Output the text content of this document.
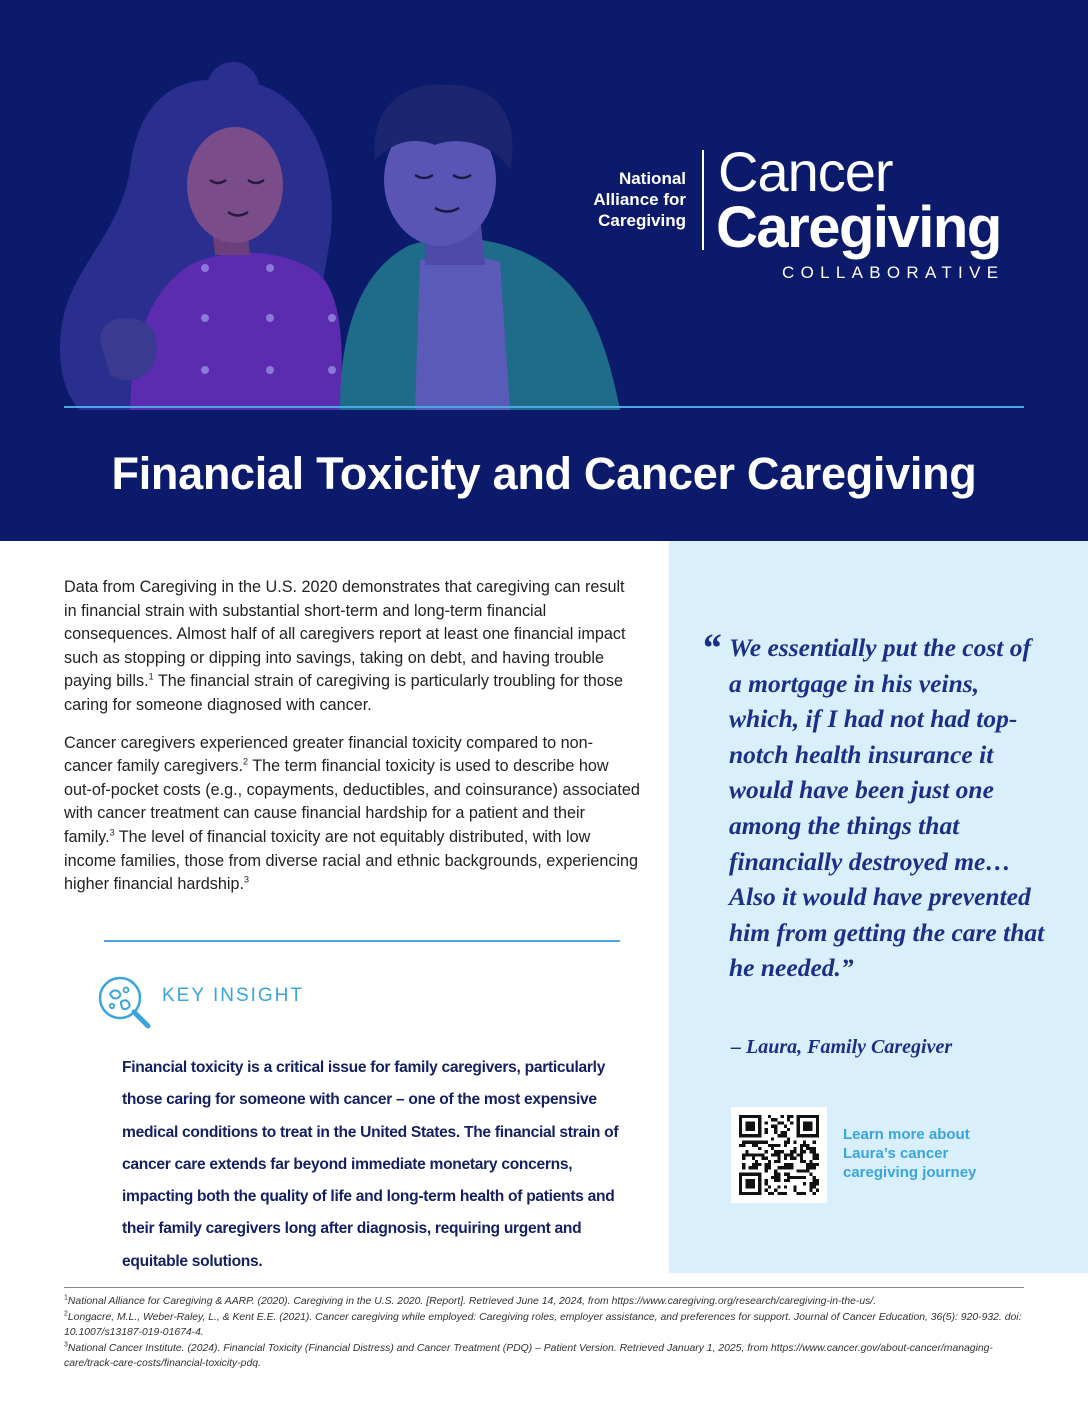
National
Alliance for
Caregiving
Cancer
Caregiving
COLLABORATIVE
Financial Toxicity and Cancer Caregiving

Data from Caregiving in the U.S. 2020 demonstrates that caregiving can result in financial strain with substantial short-term and long-term financial consequences. Almost half of all caregivers report at least one financial impact such as stopping or dipping into savings, taking on debt, and having trouble paying bills.$^1$ The financial strain of caregiving is particularly troubling for those caring for someone diagnosed with cancer.

Cancer caregivers experienced greater financial toxicity compared to non-cancer family caregivers.$^2$ The term financial toxicity is used to describe how out-of-pocket costs (e.g., copayments, deductibles, and coinsurance) associated with cancer treatment can cause financial hardship for a patient and their family.$^3$ The level of financial toxicity are not equitably distributed, with low income families, those from diverse racial and ethnic backgrounds, experiencing higher financial hardship.$^3$

KEY INSIGHT
Financial toxicity is a critical issue for family caregivers, particularly those caring for someone with cancer – one of the most expensive medical conditions to treat in the United States. The financial strain of cancer care extends far beyond immediate monetary concerns, impacting both the quality of life and long-term health of patients and their family caregivers long after diagnosis, requiring urgent and equitable solutions.
“ We essentially put the cost of a mortgage in his veins, which, if I had not had top-notch health insurance it would have been just one among the things that financially destroyed me… Also it would have prevented him from getting the care that he needed.”
– Laura, Family Caregiver
Learn more about
Laura’s cancer
caregiving journey

$^1$National Alliance for Caregiving & AARP. (2020). Caregiving in the U.S. 2020. [Report]. Retrieved June 14, 2024, from https://www.caregiving.org/research/caregiving-in-the-us/.

$^2$Longacre, M.L., Weber-Raley, L., & Kent E.E. (2021). Cancer caregiving while employed: Caregiving roles, employer assistance, and preferences for support. Journal of Cancer Education, 36(5): 920-932. doi: 10.1007/s13187-019-01674-4.

$^3$National Cancer Institute. (2024). Financial Toxicity (Financial Distress) and Cancer Treatment (PDQ) – Patient Version. Retrieved January 1, 2025, from https://www.cancer.gov/about-cancer/managing-care/track-care-costs/financial-toxicity-pdq.
